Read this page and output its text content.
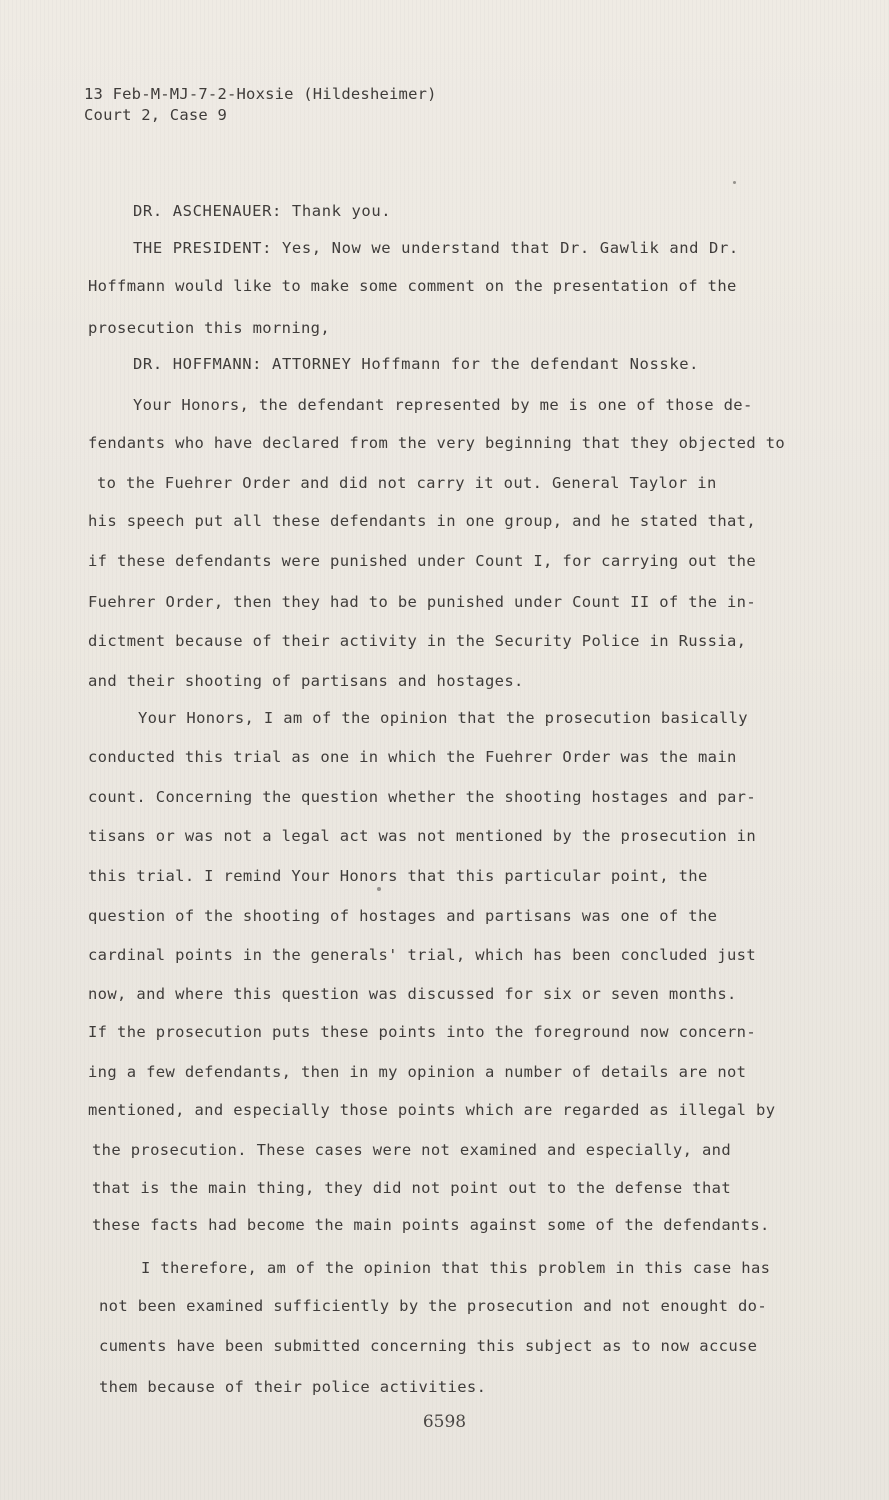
13 Feb-M-MJ-7-2-Hoxsie (Hildesheimer)
Court 2, Case 9
DR. ASCHENAUER: Thank you.
THE PRESIDENT: Yes, Now we understand that Dr. Gawlik and Dr.
Hoffmann would like to make some comment on the presentation of the
prosecution this morning,
DR. HOFFMANN: ATTORNEY Hoffmann for the defendant Nosske.
Your Honors, the defendant represented by me is one of those de-
fendants who have declared from the very beginning that they objected to
to the Fuehrer Order and did not carry it out. General Taylor in
his speech put all these defendants in one group, and he stated that,
if these defendants were punished under Count I, for carrying out the
Fuehrer Order, then they had to be punished under Count II of the in-
dictment because of their activity in the Security Police in Russia,
and their shooting of partisans and hostages.
Your Honors, I am of the opinion that the prosecution basically
conducted this trial as one in which the Fuehrer Order was the main
count. Concerning the question whether the shooting hostages and par-
tisans or was not a legal act was not mentioned by the prosecution in
this trial. I remind Your Honors that this particular point, the
question of the shooting of hostages and partisans was one of the
cardinal points in the generals' trial, which has been concluded just
now, and where this question was discussed for six or seven months.
If the prosecution puts these points into the foreground now concern-
ing a few defendants, then in my opinion a number of details are not
mentioned, and especially those points which are regarded as illegal by
the prosecution. These cases were not examined and especially, and
that is the main thing, they did not point out to the defense that
these facts had become the main points against some of the defendants.
I therefore, am of the opinion that this problem in this case has
not been examined sufficiently by the prosecution and not enought do-
cuments have been submitted concerning this subject as to now accuse
them because of their police activities.
6598
